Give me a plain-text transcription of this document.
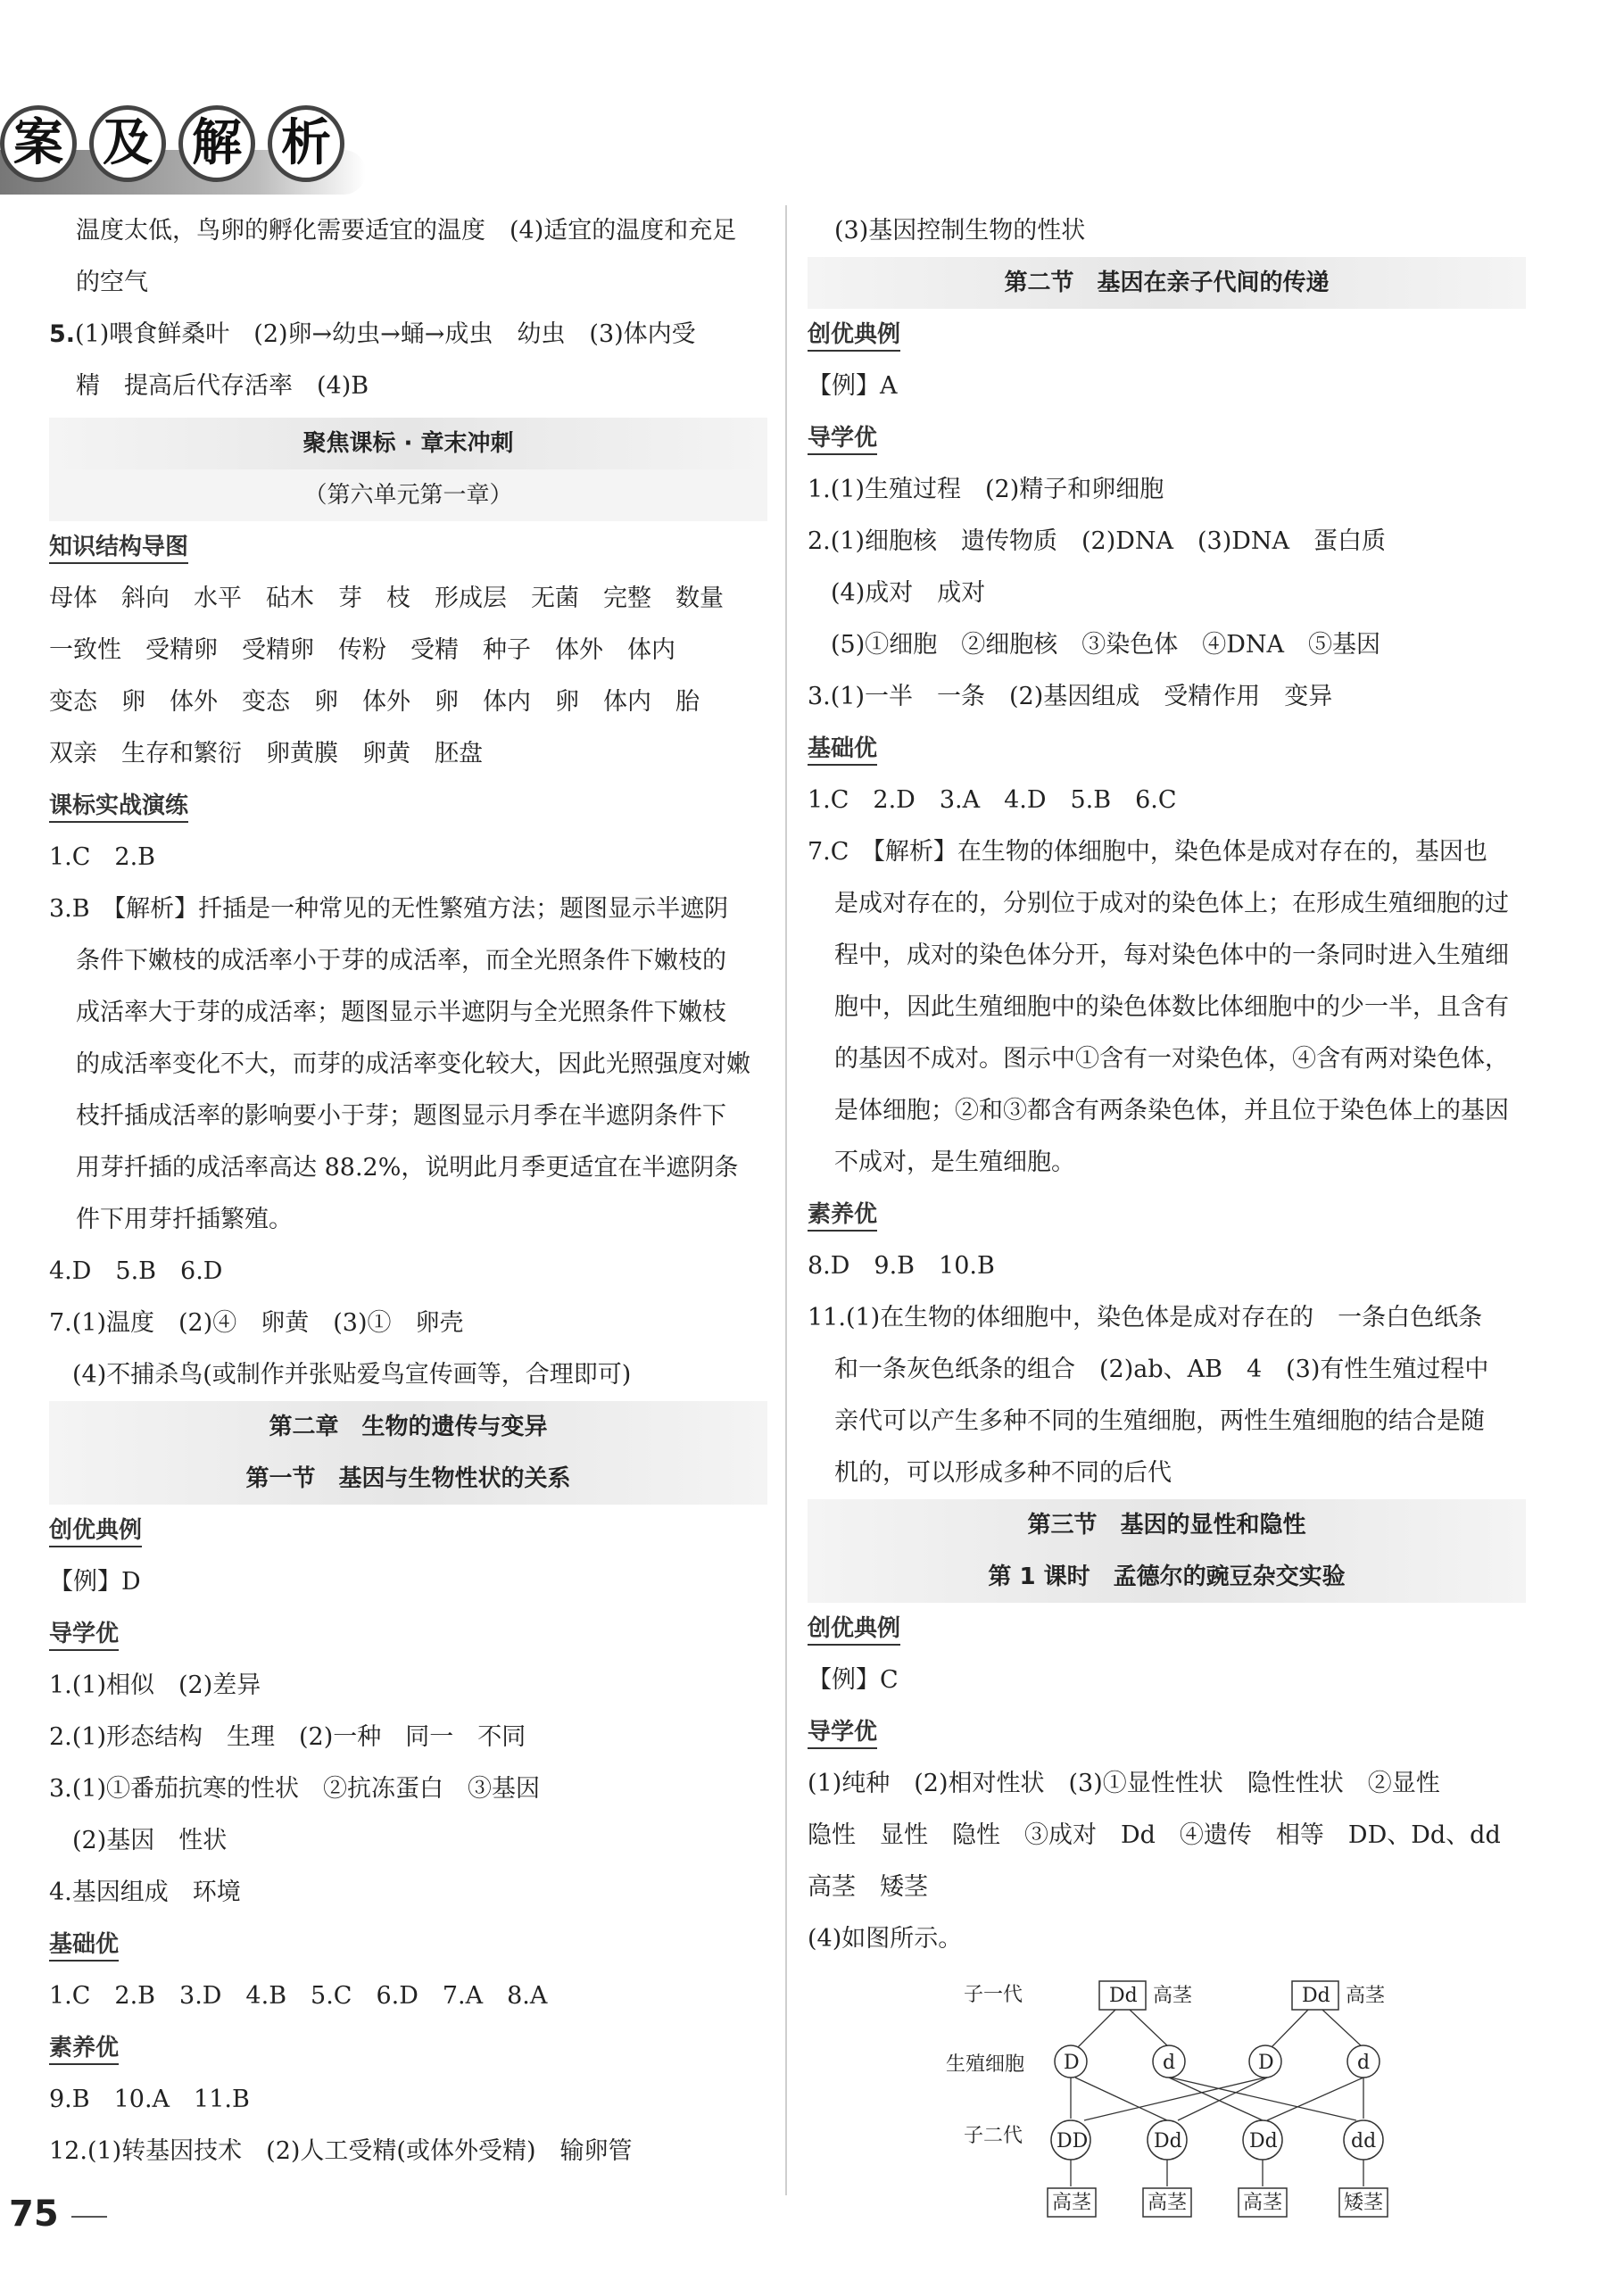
案 及 解 析
温度太低，鸟卵的孵化需要适宜的温度　(4)适宜的温度和充足
的空气
5.(1)喂食鲜桑叶　(2)卵→幼虫→蛹→成虫　幼虫　(3)体内受
精　提高后代存活率　(4)B
聚焦课标 · 章末冲刺
（第六单元第一章）
知识结构导图
母体　斜向　水平　砧木　芽　枝　形成层　无菌　完整　数量
一致性　受精卵　受精卵　传粉　受精　种子　体外　体内
变态　卵　体外　变态　卵　体外　卵　体内　卵　体内　胎
双亲　生存和繁衍　卵黄膜　卵黄　胚盘
课标实战演练
1.C　2.B
3.B　【解析】扦插是一种常见的无性繁殖方法；题图显示半遮阴
条件下嫩枝的成活率小于芽的成活率，而全光照条件下嫩枝的
成活率大于芽的成活率；题图显示半遮阴与全光照条件下嫩枝
的成活率变化不大，而芽的成活率变化较大，因此光照强度对嫩
枝扦插成活率的影响要小于芽；题图显示月季在半遮阴条件下
用芽扦插的成活率高达 88.2%，说明此月季更适宜在半遮阴条
件下用芽扦插繁殖。
4.D　5.B　6.D
7.(1)温度　(2)④　卵黄　(3)①　卵壳
(4)不捕杀鸟(或制作并张贴爱鸟宣传画等，合理即可)
第二章　生物的遗传与变异
第一节　基因与生物性状的关系
创优典例
【例】D
导学优
1.(1)相似　(2)差异
2.(1)形态结构　生理　(2)一种　同一　不同
3.(1)①番茄抗寒的性状　②抗冻蛋白　③基因
(2)基因　性状
4.基因组成　环境
基础优
1.C　2.B　3.D　4.B　5.C　6.D　7.A　8.A
素养优
9.B　10.A　11.B
12.(1)转基因技术　(2)人工受精(或体外受精)　输卵管
(3)基因控制生物的性状
第二节　基因在亲子代间的传递
创优典例
【例】A
导学优
1.(1)生殖过程　(2)精子和卵细胞
2.(1)细胞核　遗传物质　(2)DNA　(3)DNA　蛋白质
(4)成对　成对
(5)①细胞　②细胞核　③染色体　④DNA　⑤基因
3.(1)一半　一条　(2)基因组成　受精作用　变异
基础优
1.C　2.D　3.A　4.D　5.B　6.C
7.C　【解析】在生物的体细胞中，染色体是成对存在的，基因也
是成对存在的，分别位于成对的染色体上；在形成生殖细胞的过
程中，成对的染色体分开，每对染色体中的一条同时进入生殖细
胞中，因此生殖细胞中的染色体数比体细胞中的少一半，且含有
的基因不成对。图示中①含有一对染色体，④含有两对染色体，
是体细胞；②和③都含有两条染色体，并且位于染色体上的基因
不成对，是生殖细胞。
素养优
8.D　9.B　10.B
11.(1)在生物的体细胞中，染色体是成对存在的　一条白色纸条
和一条灰色纸条的组合　(2)ab、AB　4　(3)有性生殖过程中
亲代可以产生多种不同的生殖细胞，两性生殖细胞的结合是随
机的，可以形成多种不同的后代
第三节　基因的显性和隐性
第 1 课时　孟德尔的豌豆杂交实验
创优典例
【例】C
导学优
(1)纯种　(2)相对性状　(3)①显性性状　隐性性状　②显性
隐性　显性　隐性　③成对　Dd　④遗传　相等　DD、Dd、dd
高茎　矮茎
(4)如图所示。
子一代
生殖细胞
子二代
Dd 高茎	Dd 高茎
D	d	D	d
DD	Dd	Dd	dd
高茎	高茎	高茎	矮茎
75
